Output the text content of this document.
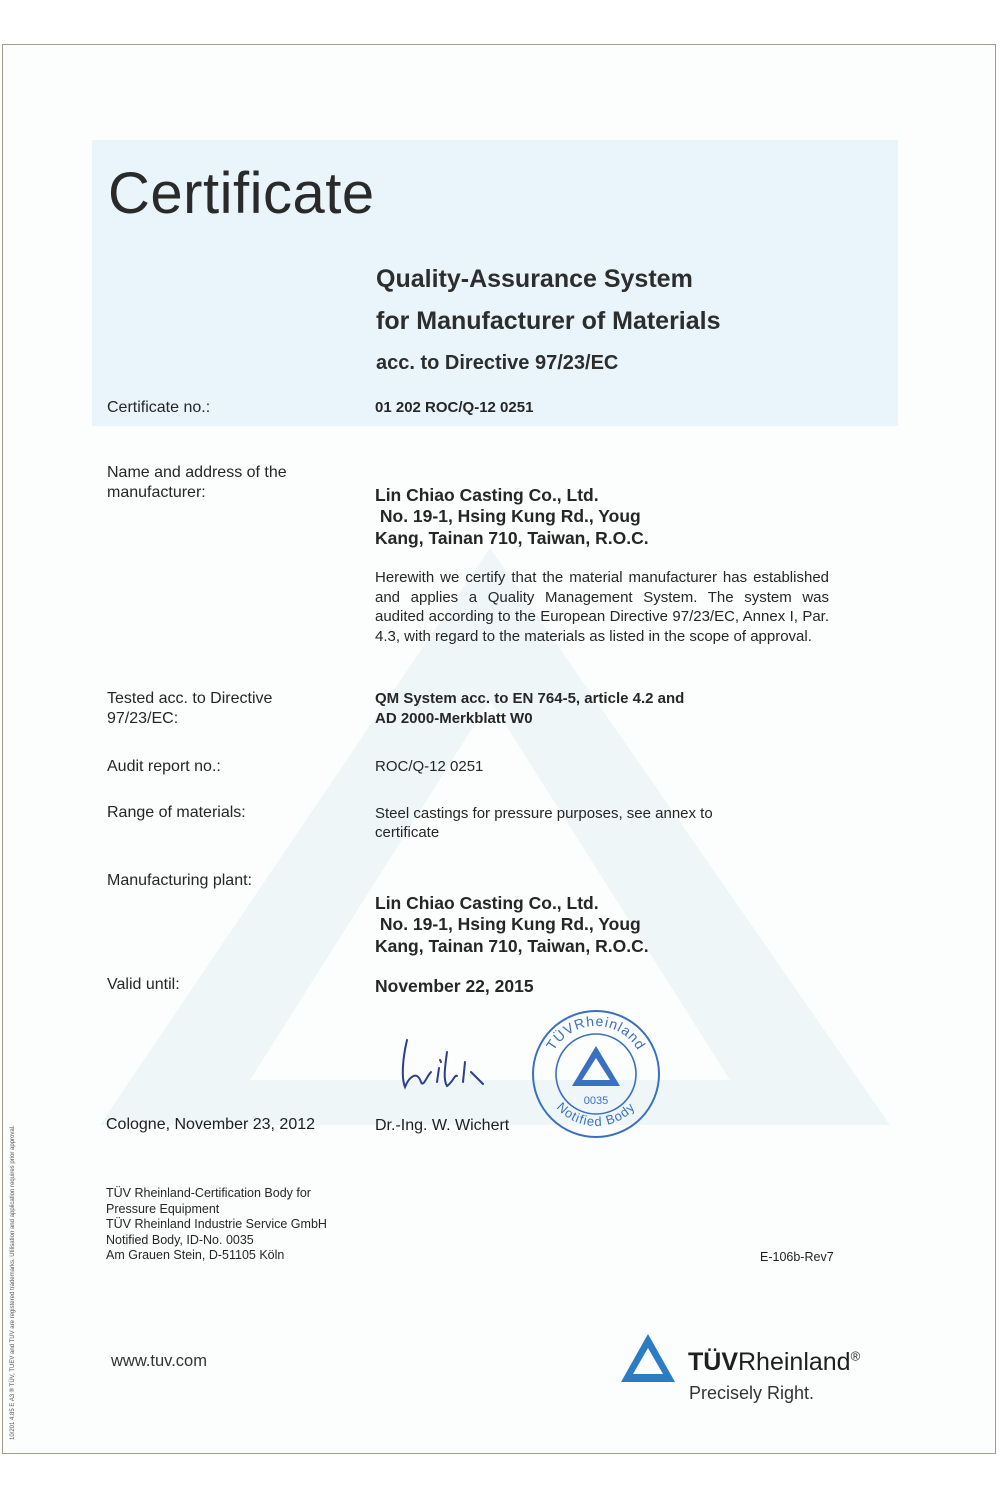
Certificate
Quality-Assurance System
for Manufacturer of Materials
acc. to Directive 97/23/EC
Certificate no.:	01 202 ROC/Q-12 0251
Name and address of the manufacturer:	Lin Chiao Casting Co., Ltd.
No. 19-1, Hsing Kung Rd., Youg
Kang, Tainan 710, Taiwan, R.O.C.
Herewith we certify that the material manufacturer has established and applies a Quality Management System. The system was audited according to the European Directive 97/23/EC, Annex I, Par. 4.3, with regard to the materials as listed in the scope of approval.
Tested acc. to Directive 97/23/EC:
QM System acc. to EN 764-5, article 4.2 and
AD 2000-Merkblatt W0
Audit report no.:	ROC/Q-12 0251
Range of materials:	Steel castings for pressure purposes, see annex to certificate
Manufacturing plant:

Lin Chiao Casting Co., Ltd.
No. 19-1, Hsing Kung Rd., Youg
Kang, Tainan 710, Taiwan, R.O.C.
Valid until:	November 22, 2015
TÜVRheinland
Notified Body
0035
Cologne, November 23, 2012	Dr.-Ing. W. Wichert
TÜV Rheinland-Certification Body for
Pressure Equipment
TÜV Rheinland Industrie Service GmbH
Notified Body, ID-No. 0035
Am Grauen Stein, D-51105 Köln	E-106b-Rev7
www.tuv.com	TÜVRheinland®
Precisely Right.
10/201 4.85 E A3 ® TÜV, TUEV and TUV are registered trademarks. Utilisation and application requires prior approval.
